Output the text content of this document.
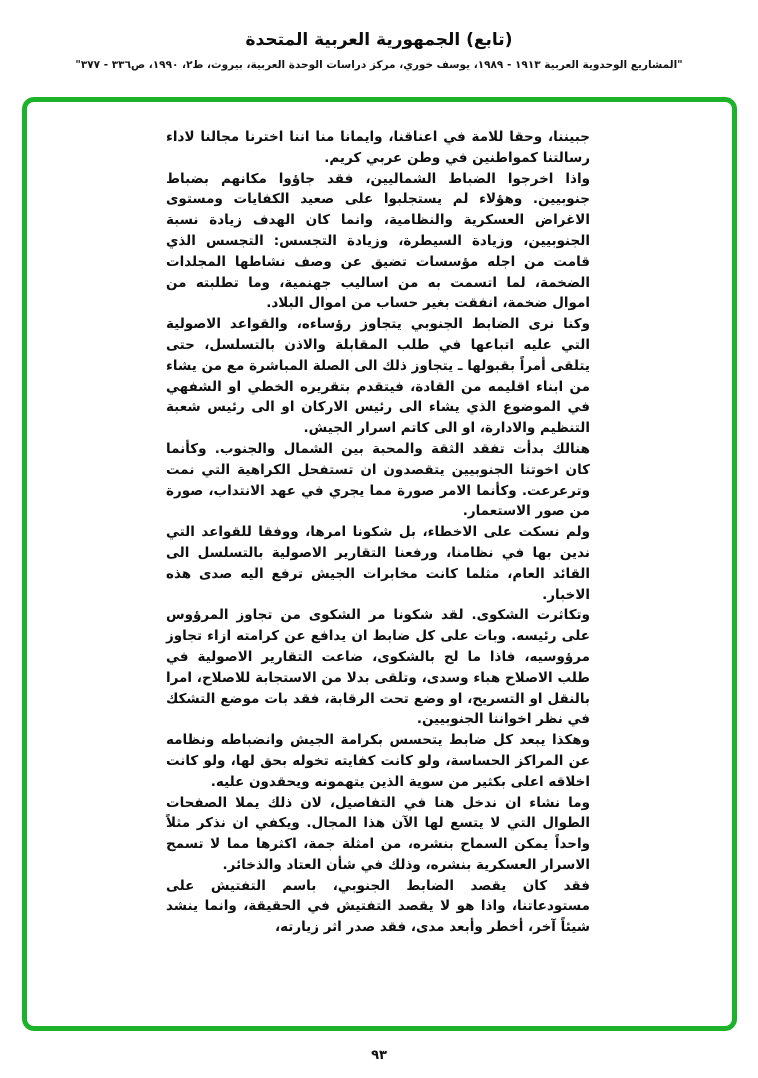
(تابع) الجمهورية العربية المتحدة
"المشاريع الوحدوية العربية ١٩١٣ - ١٩٨٩، يوسف خوري، مركز دراسات الوحدة العربية، بيروت، ط٢، ١٩٩٠، ص٣٣٦ - ٣٧٧"

جبيننا، وحقا للامة في اعناقنا، وايمانا منا اننا اخترنا مجالنا لاداء رسالتنا كمواطنين في وطن عربي كريم.

واذا اخرجوا الضباط الشماليين، فقد جاؤوا مكانهم بضباط جنوبيين. وهؤلاء لم يستجلبوا على صعيد الكفايات ومستوى الاغراض العسكرية والنظامية، وانما كان الهدف زيادة نسبة الجنوبيين، وزيادة السيطرة، وزيادة التجسس: التجسس الذي قامت من اجله مؤسسات تضيق عن وصف نشاطها المجلدات الضخمة، لما اتسمت به من اساليب جهنمية، وما تطلبته من اموال ضخمة، انفقت بغير حساب من اموال البلاد.

وكنا نرى الضابط الجنوبي يتجاوز رؤساءه، والقواعد الاصولية التي عليه اتباعها في طلب المقابلة والاذن بالتسلسل، حتى يتلقى أمراً بقبولها ـ يتجاوز ذلك الى الصلة المباشرة مع من يشاء من ابناء اقليمه من القادة، فيتقدم بتقريره الخطي او الشفهي في الموضوع الذي يشاء الى رئيس الاركان او الى رئيس شعبة التنظيم والادارة، او الى كاتم اسرار الجيش.

هنالك بدأت تفقد الثقة والمحبة بين الشمال والجنوب. وكأنما كان اخوتنا الجنوبيين يتقصدون ان تستفحل الكراهية التي نمت وترعرعت. وكأنما الامر صورة مما يجري في عهد الانتداب، صورة من صور الاستعمار.

ولم نسكت على الاخطاء، بل شكونا امرها، ووفقا للقواعد التي ندين بها في نظامنا، ورفعنا التقارير الاصولية بالتسلسل الى القائد العام، مثلما كانت مخابرات الجيش ترفع اليه صدى هذه الاخبار.

وتكاثرت الشكوى. لقد شكونا مر الشكوى من تجاوز المرؤوس على رئيسه. وبات على كل ضابط ان يدافع عن كرامته ازاء تجاوز مرؤوسيه، فاذا ما لح بالشكوى، ضاعت التقارير الاصولية في طلب الاصلاح هباء وسدى، وتلقى بدلا من الاستجابة للاصلاح، امرا بالنقل او التسريح، او وضع تحت الرقابة، فقد بات موضع التشكك في نظر اخواننا الجنوبيين.

وهكذا يبعد كل ضابط يتحسس بكرامة الجيش وانضباطه ونظامه عن المراكز الحساسة، ولو كانت كفايته تخوله بحق لها، ولو كانت اخلاقه اعلى بكثير من سوية الذين يتهمونه ويحقدون عليه.

وما نشاء ان ندخل هنا في التفاصيل، لان ذلك يملا الصفحات الطوال التي لا يتسع لها الآن هذا المجال. ويكفي ان نذكر مثلاً واحداً يمكن السماح بنشره، من امثلة جمة، اكثرها مما لا تسمح الاسرار العسكرية بنشره، وذلك في شأن العتاد والذخائر.

فقد كان يقصد الضابط الجنوبي، باسم التفتيش على مستودعاتنا، واذا هو لا يقصد التفتيش في الحقيقة، وانما ينشد شيئاً آخر، أخطر وأبعد مدى، فقد صدر اثر زيارته،

٩٣
